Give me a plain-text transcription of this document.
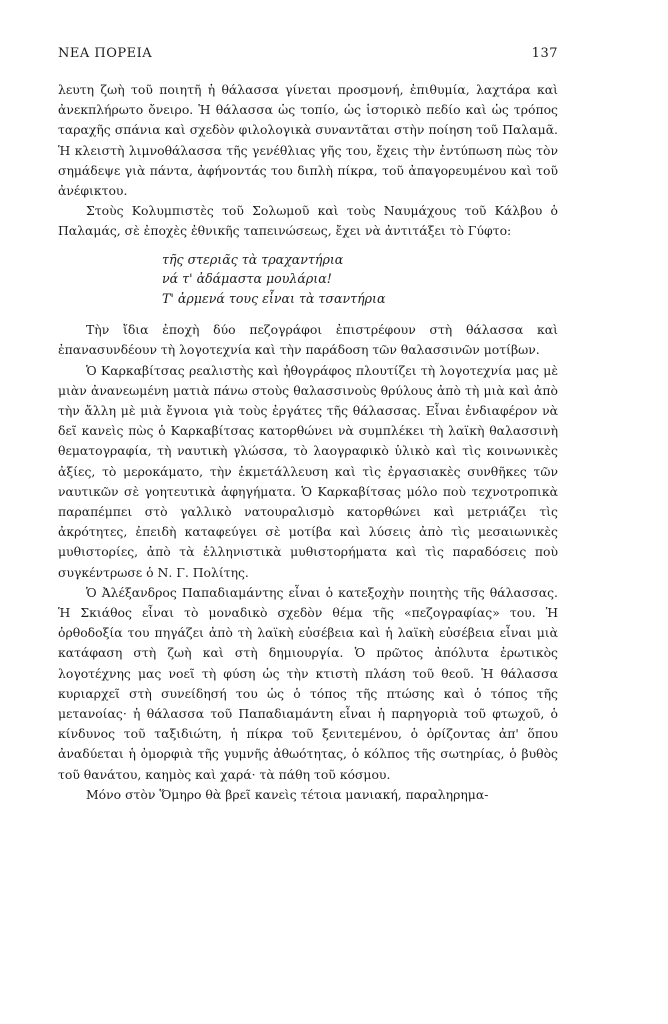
ΝΕΑ ΠΟΡΕΙΑ	137

λευτη ζωὴ τοῦ ποιητῆ ἡ θάλασσα γίνεται προσμονή, ἐπιθυμία, λαχτάρα καὶ ἀνεκπλήρωτο ὄνειρο. Ἡ θάλασσα ὡς τοπίο, ὡς ἱστορικὸ πεδίο καὶ ὡς τρόπος ταραχῆς σπάνια καὶ σχεδὸν φιλολογικὰ συναντᾶται στὴν ποίηση τοῦ Παλαμᾶ. Ἡ κλειστὴ λιμνοθάλασσα τῆς γενέθλιας γῆς του, ἔχεις τὴν ἐντύπωση πὼς τὸν σημάδεψε γιὰ πάντα, ἀφήνοντάς του διπλὴ πίκρα, τοῦ ἀπαγορευμένου καὶ τοῦ ἀνέφικτου.

Στοὺς Κολυμπιστὲς τοῦ Σολωμοῦ καὶ τοὺς Ναυμάχους τοῦ Κάλβου ὁ Παλαμάς, σὲ ἐποχὲς ἐθνικῆς ταπεινώσεως, ἔχει νὰ ἀντιτάξει τὸ Γύφτο:

τῆς στεριᾶς τὰ τραχαντήρια
νά τ' ἀδάμαστα μουλάρια!
Τ' ἀρμενά τους εἶναι τὰ τσαντήρια

Τὴν ἴδια ἐποχὴ δύο πεζογράφοι ἐπιστρέφουν στὴ θάλασσα καὶ ἐπανασυνδέουν τὴ λογοτεχνία καὶ τὴν παράδοση τῶν θαλασσινῶν μοτίβων.

Ὁ Καρκαβίτσας ρεαλιστὴς καὶ ἠθογράφος πλουτίζει τὴ λογοτεχνία μας μὲ μιὰν ἀνανεωμένη ματιὰ πάνω στοὺς θαλασσινοὺς θρύλους ἀπὸ τὴ μιὰ καὶ ἀπὸ τὴν ἄλλη μὲ μιὰ ἔγνοια γιὰ τοὺς ἐργάτες τῆς θάλασσας. Εἶναι ἐνδιαφέρον νὰ δεῖ κανεὶς πὼς ὁ Καρκαβίτσας κατορθώνει νὰ συμπλέκει τὴ λαϊκὴ θαλασσινὴ θεματογραφία, τὴ ναυτικὴ γλώσσα, τὸ λαογραφικὸ ὑλικὸ καὶ τὶς κοινωνικὲς ἀξίες, τὸ μεροκάματο, τὴν ἐκμετάλλευση καὶ τὶς ἐργασιακὲς συνθῆκες τῶν ναυτικῶν σὲ γοητευτικὰ ἀφηγήματα. Ὁ Καρκαβίτσας μόλο ποὺ τεχνοτροπικὰ παραπέμπει στὸ γαλλικὸ νατουραλισμὸ κατορθώνει καὶ μετριάζει τὶς ἀκρότητες, ἐπειδὴ καταφεύγει σὲ μοτίβα καὶ λύσεις ἀπὸ τὶς μεσαιωνικὲς μυθιστορίες, ἀπὸ τὰ ἑλληνιστικὰ μυθιστορήματα καὶ τὶς παραδόσεις ποὺ συγκέντρωσε ὁ Ν. Γ. Πολίτης.

Ὁ Ἀλέξανδρος Παπαδιαμάντης εἶναι ὁ κατεξοχὴν ποιητὴς τῆς θάλασσας. Ἡ Σκιάθος εἶναι τὸ μοναδικὸ σχεδὸν θέμα τῆς «πεζογραφίας» του. Ἡ ὀρθοδοξία του πηγάζει ἀπὸ τὴ λαϊκὴ εὐσέβεια καὶ ἡ λαϊκὴ εὐσέβεια εἶναι μιὰ κατάφαση στὴ ζωὴ καὶ στὴ δημιουργία. Ὁ πρῶτος ἀπόλυτα ἐρωτικὸς λογοτέχνης μας νοεῖ τὴ φύση ὡς τὴν κτιστὴ πλάση τοῦ θεοῦ. Ἡ θάλασσα κυριαρχεῖ στὴ συνείδησή του ὡς ὁ τόπος τῆς πτώσης καὶ ὁ τόπος τῆς μετανοίας· ἡ θάλασσα τοῦ Παπαδιαμάντη εἶναι ἡ παρηγοριὰ τοῦ φτωχοῦ, ὁ κίνδυνος τοῦ ταξιδιώτη, ἡ πίκρα τοῦ ξενιτεμένου, ὁ ὀρίζοντας ἀπ' ὅπου ἀναδύεται ἡ ὀμορφιὰ τῆς γυμνῆς ἀθωότητας, ὁ κόλπος τῆς σωτηρίας, ὁ βυθὸς τοῦ θανάτου, καημὸς καὶ χαρά· τὰ πάθη τοῦ κόσμου.

Μόνο στὸν Ὅμηρο θὰ βρεῖ κανεὶς τέτοια μανιακή, παραληρημα-
